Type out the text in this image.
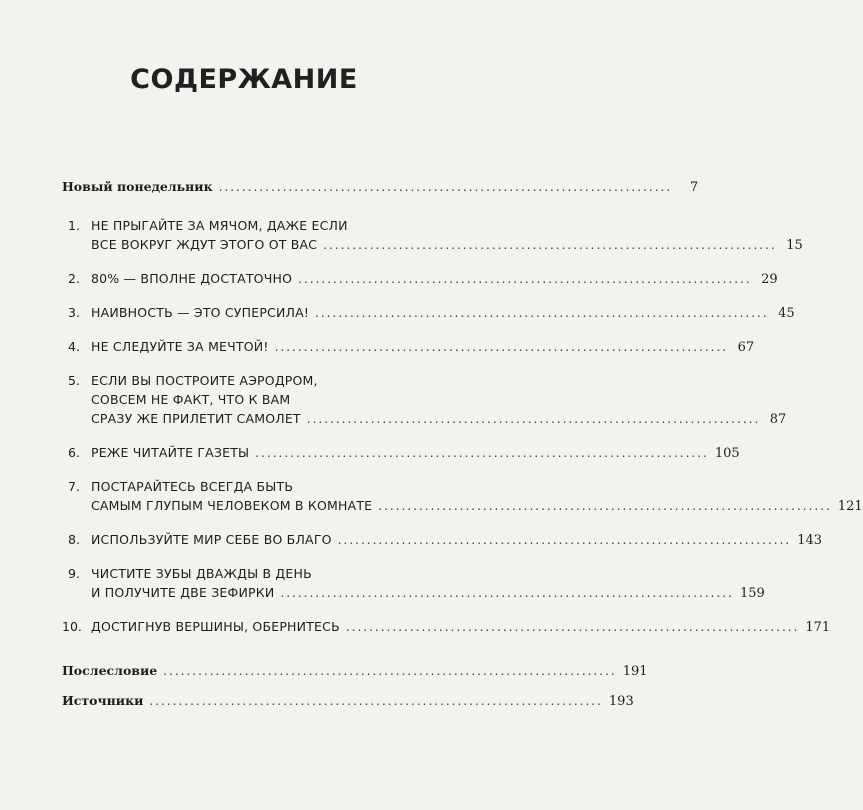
СОДЕРЖАНИЕ
Новый понедельник ..............................................................................	7
1. НЕ ПРЫГАЙТЕ ЗА МЯЧОМ, ДАЖЕ ЕСЛИ
ВСЕ ВОКРУГ ЖДУТ ЭТОГО ОТ ВАС .............................................................................. 15
2. 80% — ВПОЛНЕ ДОСТАТОЧНО .............................................................................. 29
3. НАИВНОСТЬ — ЭТО СУПЕРСИЛА! .............................................................................. 45
4. НЕ СЛЕДУЙТЕ ЗА МЕЧТОЙ! .............................................................................. 67
5. ЕСЛИ ВЫ ПОСТРОИТЕ АЭРОДРОМ,
СОВСЕМ НЕ ФАКТ, ЧТО К ВАМ
СРАЗУ ЖЕ ПРИЛЕТИТ САМОЛЕТ .............................................................................. 87
6. РЕЖЕ ЧИТАЙТЕ ГАЗЕТЫ .............................................................................. 105
7. ПОСТАРАЙТЕСЬ ВСЕГДА БЫТЬ
САМЫМ ГЛУПЫМ ЧЕЛОВЕКОМ В КОМНАТЕ .............................................................................. 121
8. ИСПОЛЬЗУЙТЕ МИР СЕБЕ ВО БЛАГО .............................................................................. 143
9. ЧИСТИТЕ ЗУБЫ ДВАЖДЫ В ДЕНЬ
И ПОЛУЧИТЕ ДВЕ ЗЕФИРКИ .............................................................................. 159
10. ДОСТИГНУВ ВЕРШИНЫ, ОБЕРНИТЕСЬ .............................................................................. 171
Послесловие .............................................................................. 191
Источники .............................................................................. 193
